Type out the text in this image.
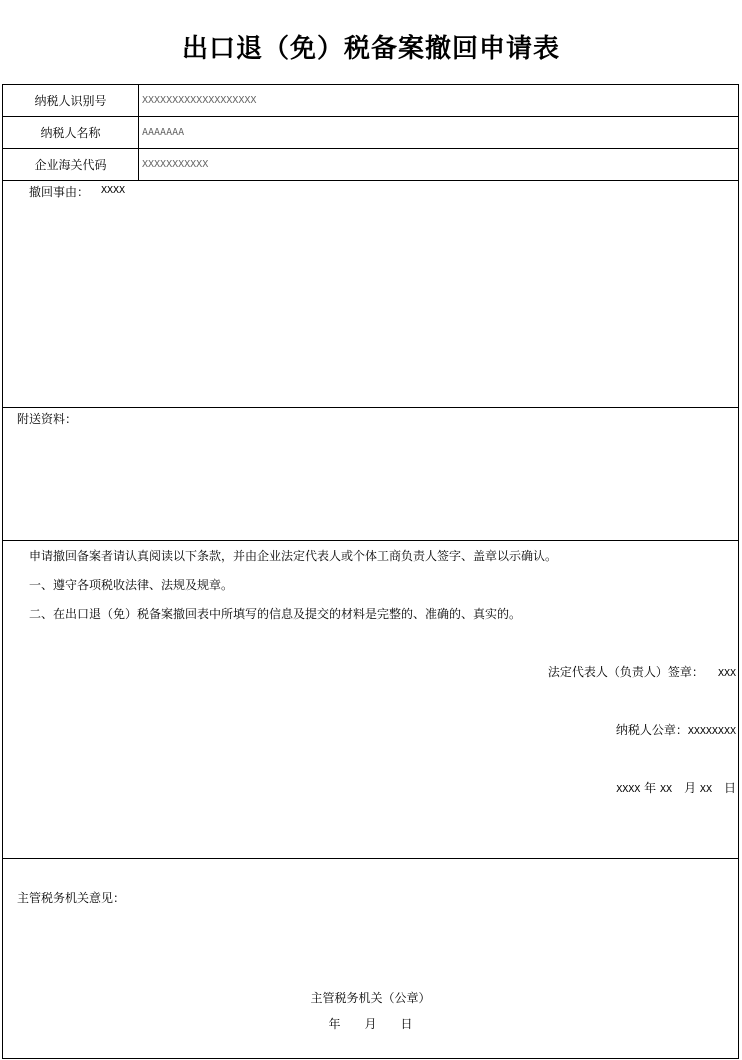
出口退（免）税备案撤回申请表
纳税人识别号	XXXXXXXXXXXXXXXXXXX
纳税人名称	AAAAAAA
企业海关代码	XXXXXXXXXXX
撤回事由： XXXX
附送资料：
申请撤回备案者请认真阅读以下条款，并由企业法定代表人或个体工商负责人签字、盖章以示确认。
一、遵守各项税收法律、法规及规章。
二、在出口退（免）税备案撤回表中所填写的信息及提交的材料是完整的、准确的、真实的。
法定代表人（负责人）签章： XXX
纳税人公章：XXXXXXXX
XXXX 年 XX　 月 XX　 日
主管税务机关意见：
主管税务机关（公章）
年　　月　　日
